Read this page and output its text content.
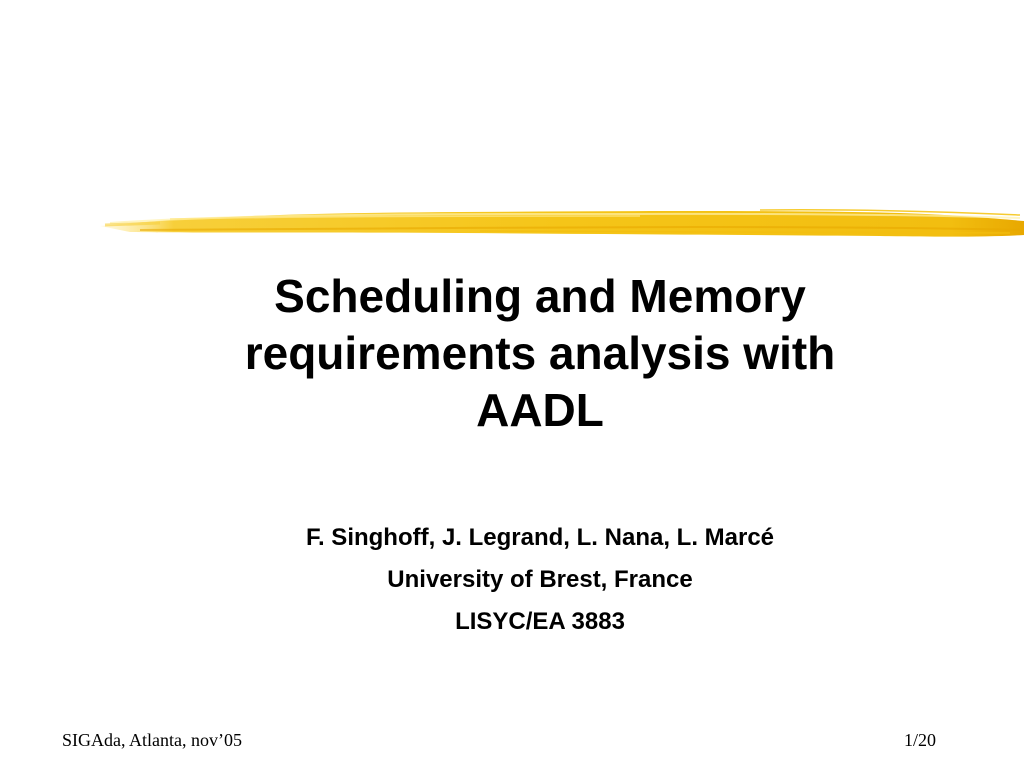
Scheduling and Memory
requirements analysis with
AADL
F. Singhoff, J. Legrand, L. Nana, L. Marcé
University of Brest, France
LISYC/EA 3883
SIGAda, Atlanta, nov’05	1/20
